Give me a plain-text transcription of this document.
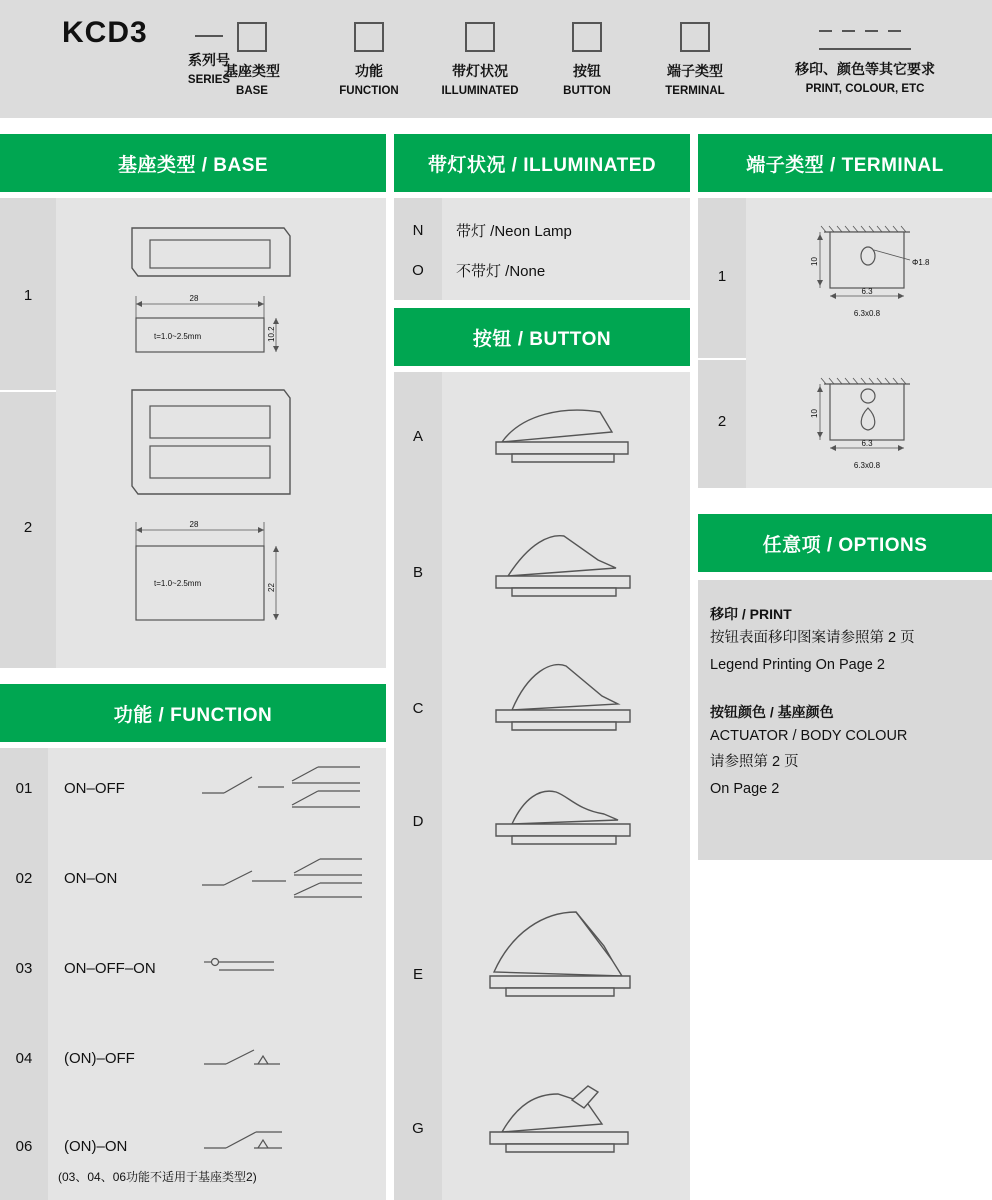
KCD3
系列号
SERIES
基座类型
BASE
功能
FUNCTION
带灯状况
ILLUMINATED
按钮
BUTTON
端子类型
TERMINAL
移印、颜色等其它要求
PRINT, COLOUR, ETC
基座类型 / BASE
1
2
28
t=1.0~2.5mm	10.2
28
t=1.0~2.5mm	22
功能 / FUNCTION
01 ON–OFF
02 ON–ON
03 ON–OFF–ON
04 (ON)–OFF
06 (ON)–ON
(03、04、06功能不适用于基座类型2)
带灯状况 / ILLUMINATED
N 带灯 /Neon Lamp
O 不带灯 /None
按钮 / BUTTON
A
B
C
D
E
G
端子类型 / TERMINAL
1
Φ1.8
10
6.3
6.3x0.8
2	10
6.3
6.3x0.8
任意项 / OPTIONS
移印 / PRINT
按钮表面移印图案请参照第 2 页
Legend Printing On Page 2
按钮颜色 / 基座颜色
ACTUATOR / BODY COLOUR
请参照第 2 页
On Page 2
